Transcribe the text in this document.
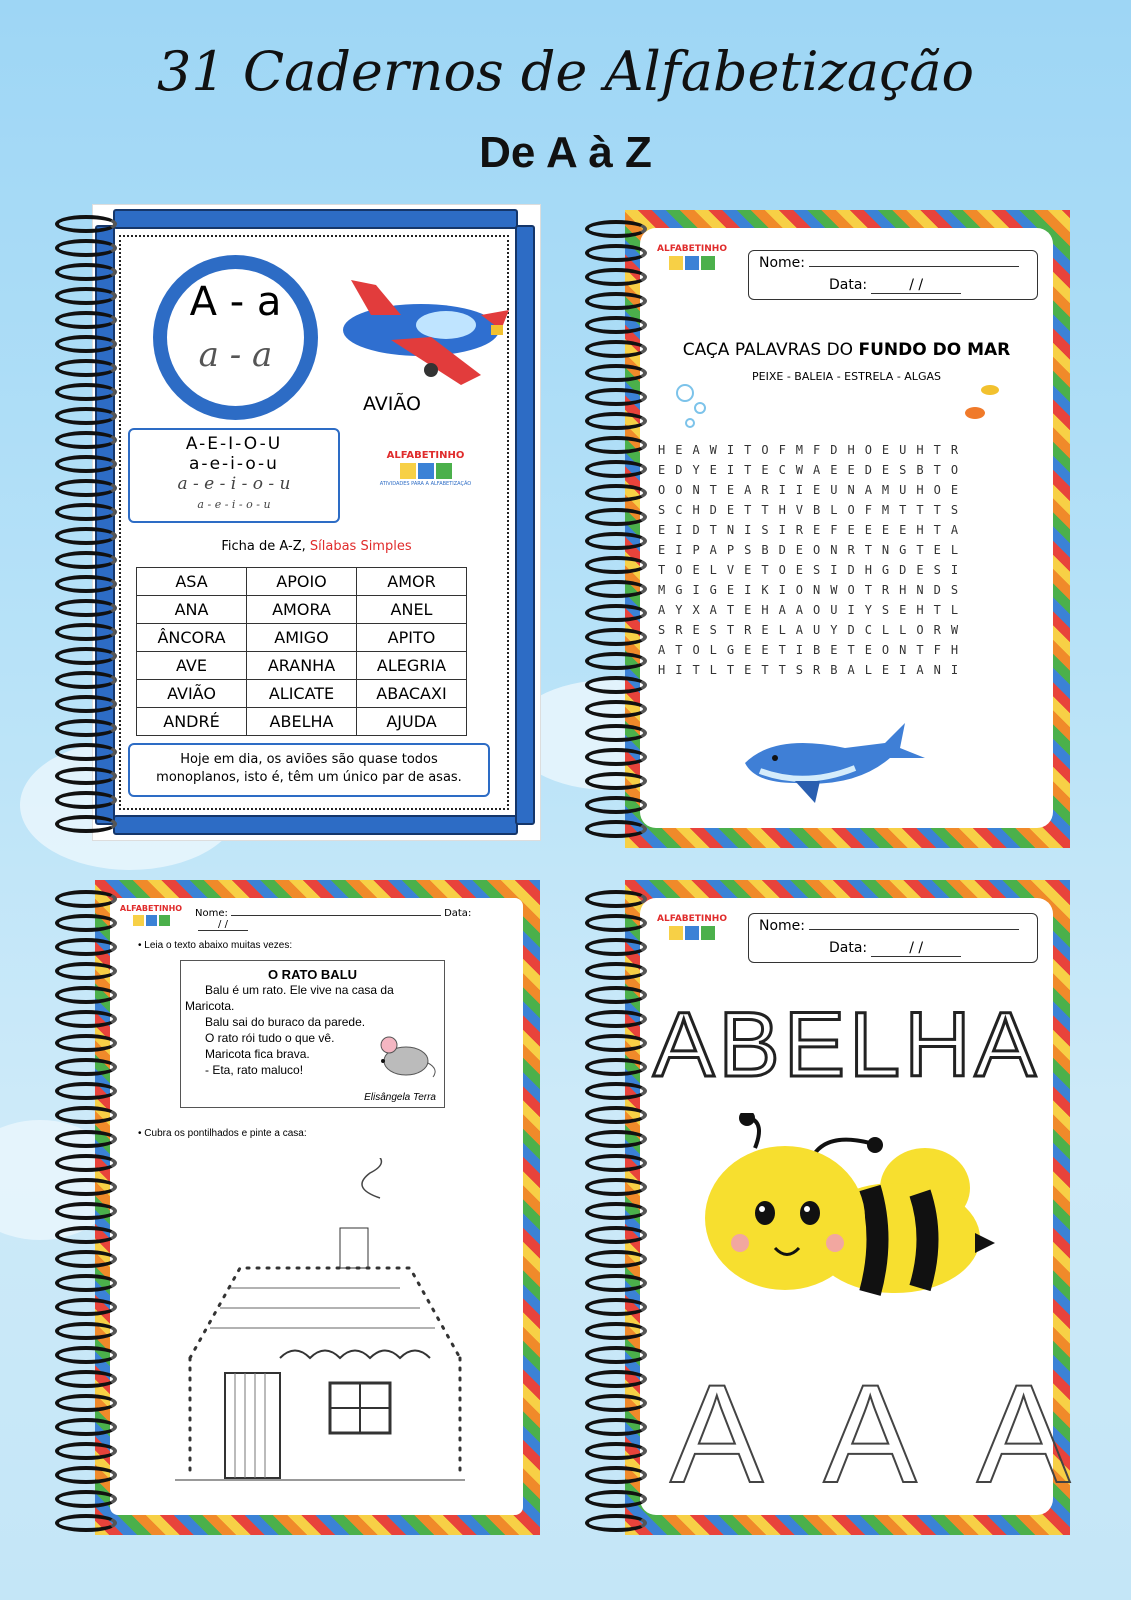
31 Cadernos de Alfabetização
De A à Z
A - a
a - a
AVIÃO
A-E-I-O-U
a-e-i-o-u
a - e - i - o - u
a - e - i - o - u
ALFABETINHO
ATIVIDADES PARA A ALFABETIZAÇÃO
Ficha de A-Z, Sílabas Simples
ASA	APOIO	AMOR
ANA	AMORA	ANEL
ÂNCORA	AMIGO	APITO
AVE	ARANHA	ALEGRIA
AVIÃO	ALICATE	ABACAXI
ANDRÉ	ABELHA	AJUDA
Hoje em dia, os aviões são quase todos monoplanos, isto é, têm um único par de asas.
ALFABETINHO
Nome:
Data:	/ /
CAÇA PALAVRAS DO FUNDO DO MAR
PEIXE - BALEIA - ESTRELA - ALGAS
HEAWITOFMFDHOEUHTR
EDYEITECWAEEDESBTO
OONTEARIIEUNAMUHOE
SCHDETTHVBLOFMTTTS
EIDTNISIREFEEEEHTA
EIPAPSBDEONRTNGTEL
TOELVETOESIDHGDESI
MGIGEIKIONWOTRHNDS
AYXATEHAAOUIYSEHTL
SRESTRELAUYDCLLORW
ATOLGEETIBETEONTFH
HITLTETTSRBALEIANI
ALFABETINHO	Nome:	Data:/ /
• Leia o texto abaixo muitas vezes:
O RATO BALU
Balu é um rato. Ele vive na casa da
Maricota.
Balu sai do buraco da parede.
O rato rói tudo o que vê.
Maricota fica brava.
- Eta, rato maluco!
Elisângela Terra
• Cubra os pontilhados e pinte a casa:
ALFABETINHO	Nome:
Data:	/ /
ABELHA
AAA
